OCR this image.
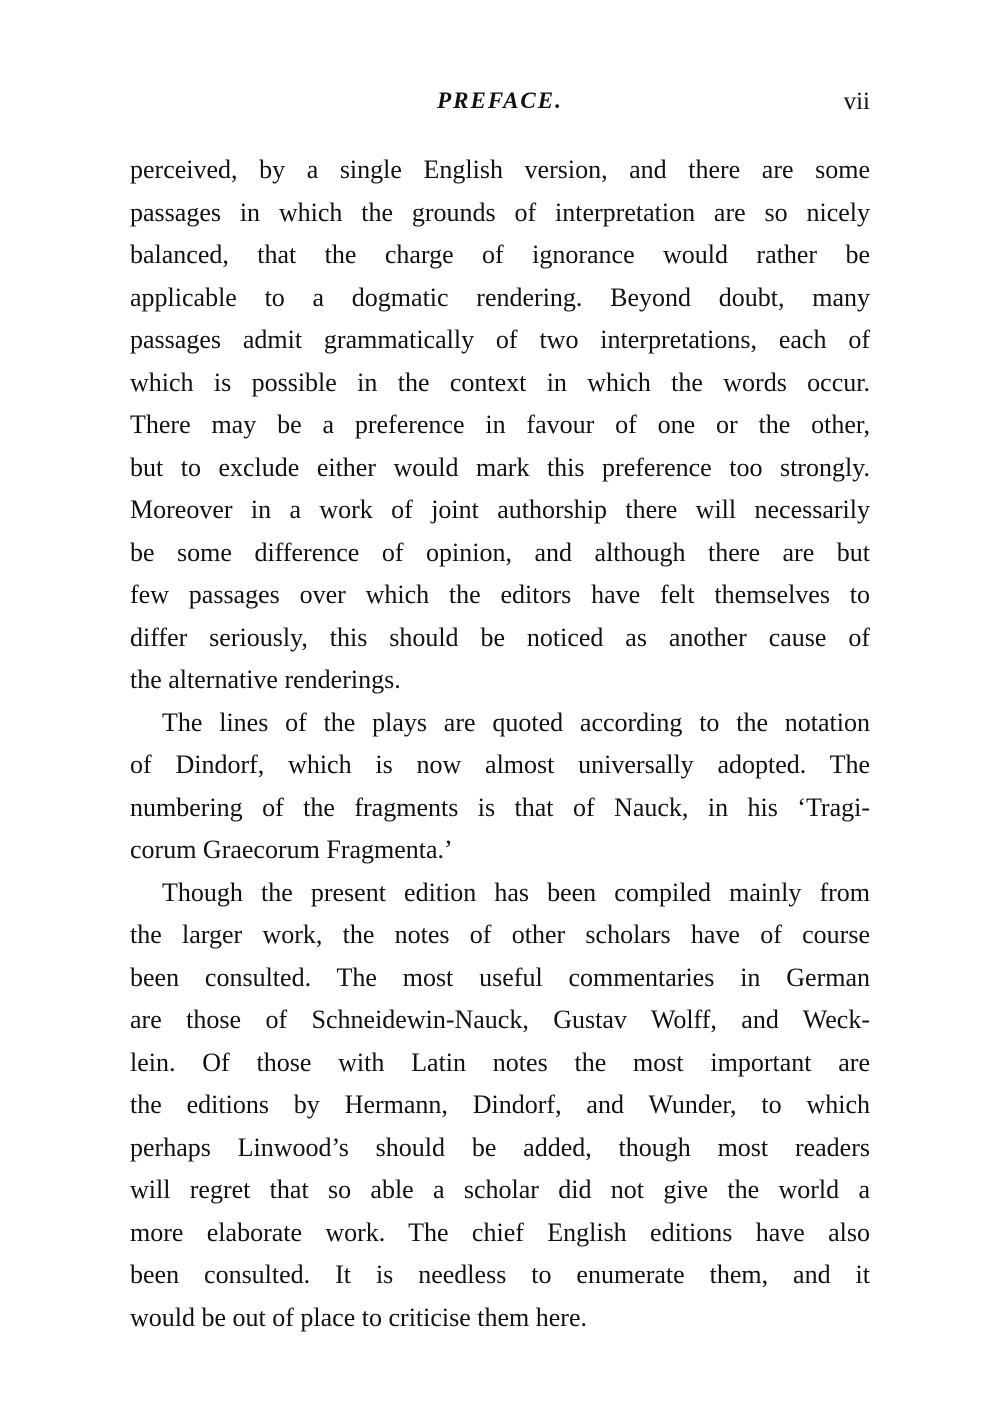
PREFACE.	vii
perceived, by a single English version, and there are some
passages in which the grounds of interpretation are so nicely
balanced, that the charge of ignorance would rather be
applicable to a dogmatic rendering. Beyond doubt, many
passages admit grammatically of two interpretations, each of
which is possible in the context in which the words occur.
There may be a preference in favour of one or the other,
but to exclude either would mark this preference too strongly.
Moreover in a work of joint authorship there will necessarily
be some difference of opinion, and although there are but
few passages over which the editors have felt themselves to
differ seriously, this should be noticed as another cause of
the alternative renderings.
The lines of the plays are quoted according to the notation
of Dindorf, which is now almost universally adopted. The
numbering of the fragments is that of Nauck, in his ‘Tragi-
corum Graecorum Fragmenta.’
Though the present edition has been compiled mainly from
the larger work, the notes of other scholars have of course
been consulted. The most useful commentaries in German
are those of Schneidewin-Nauck, Gustav Wolff, and Weck-
lein. Of those with Latin notes the most important are
the editions by Hermann, Dindorf, and Wunder, to which
perhaps Linwood’s should be added, though most readers
will regret that so able a scholar did not give the world a
more elaborate work. The chief English editions have also
been consulted. It is needless to enumerate them, and it
would be out of place to criticise them here.
